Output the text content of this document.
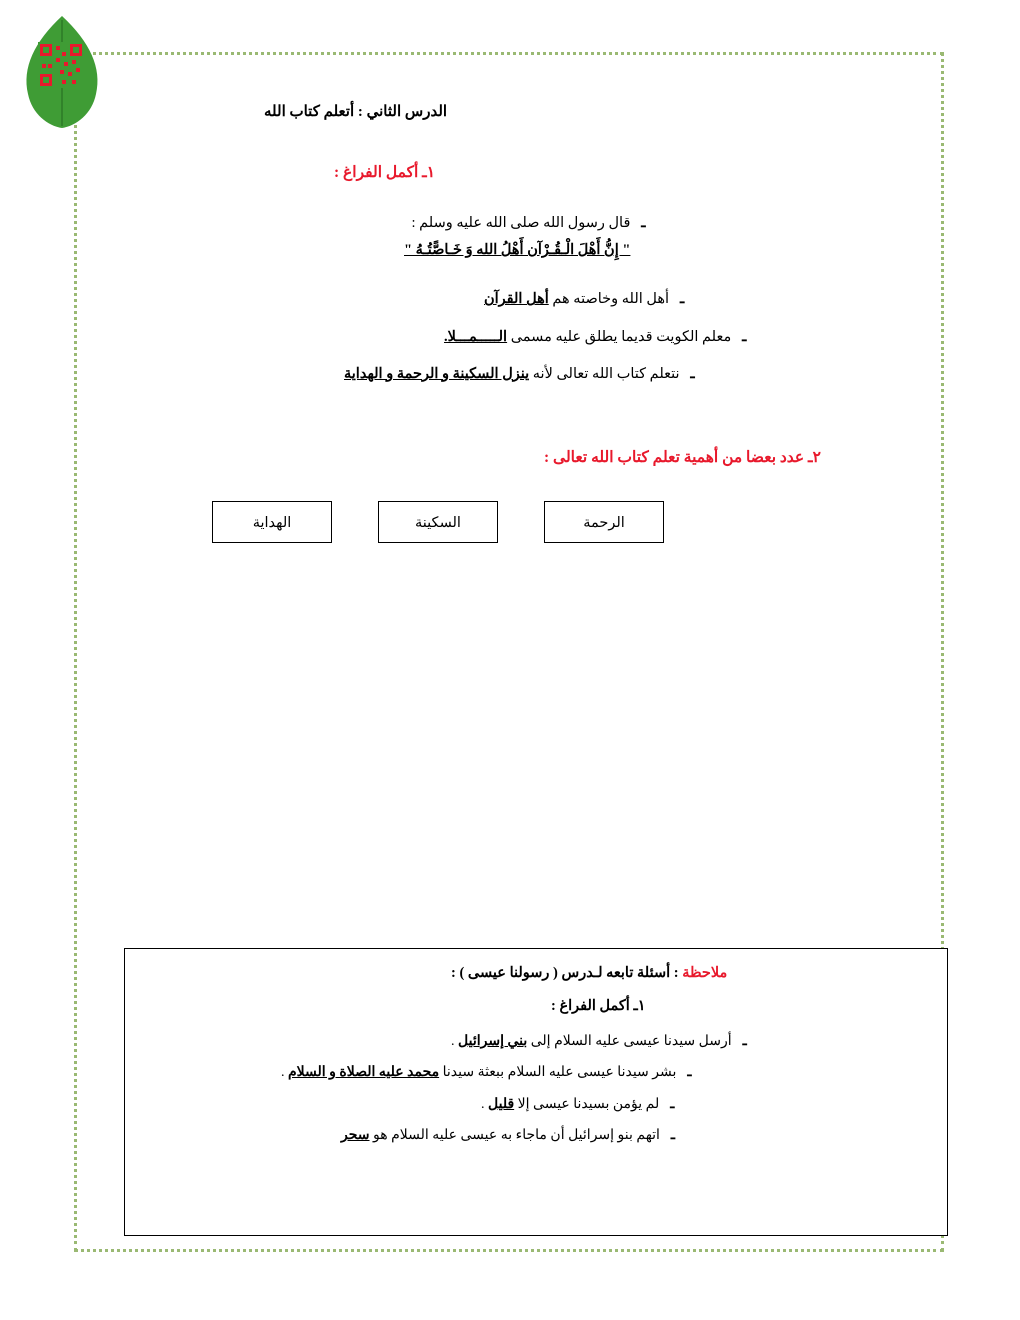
الدرس الثاني : أتعلم كتاب الله
١ـ أكمل الفراغ :
ـ
قال رسول الله صلى الله عليه وسلم :
" إِنُّ أَهْلَ الْـقُـرْآن أَهْلُ الله وَ خَـاصًّتُـهُ "
ـ
أهل الله وخاصته هم أهل القرآن
ـ
معلم الكويت قديما يطلق عليه مسمى الـــــمـــلا.
ـ
نتعلم كتاب الله تعالى لأنه ينزل السكينة و الرحمة و الهداية
٢ـ عدد بعضا من أهمية تعلم كتاب الله تعالى :
الرحمة
السكينة
الهداية
ملاحظة : أسئلة تابعه لـدرس ( رسولنا عيسى ) :
١ـ أكمل الفراغ :
ـ
أرسل سيدنا عيسى عليه السلام إلى بني إسرائيل .
ـ
بشر سيدنا عيسى عليه السلام ببعثة سيدنا محمد عليه الصلاة و السلام .
ـ
لم يؤمن بسيدنا عيسى إلا قليل .
ـ
اتهم بنو إسرائيل أن ماجاء به عيسى عليه السلام هو سحر
